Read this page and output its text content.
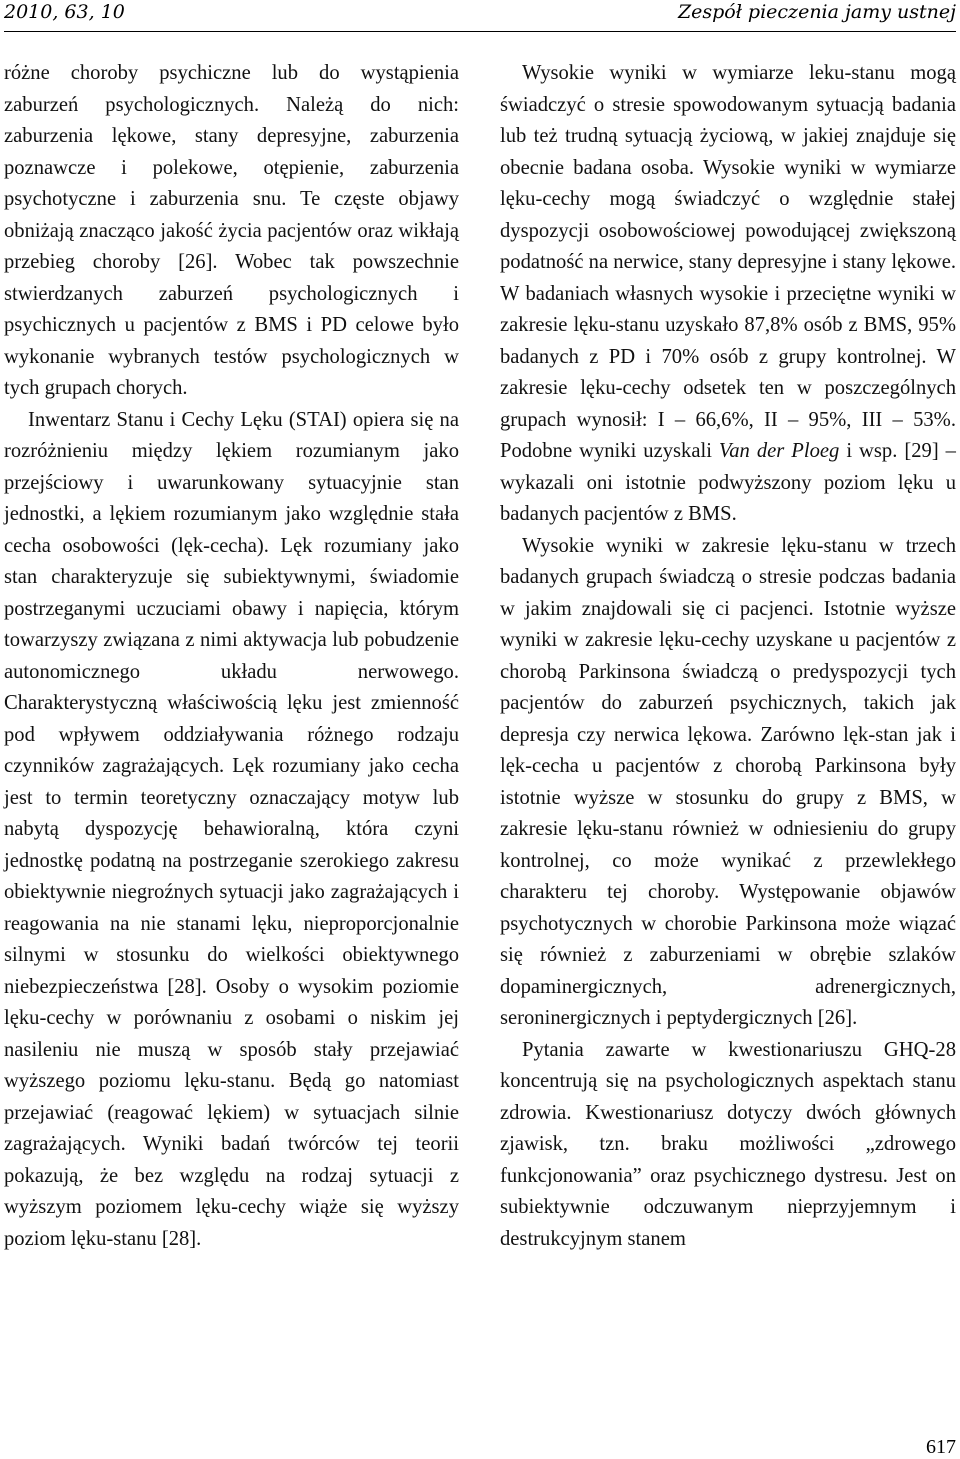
2010, 63, 10	Zespół pieczenia jamy ustnej

różne choroby psychiczne lub do wystąpienia zaburzeń psychologicznych. Należą do nich: zaburzenia lękowe, stany depresyjne, zaburzenia poznawcze i polekowe, otępienie, zaburzenia psychotyczne i zaburzenia snu. Te częste objawy obniżają znacząco jakość życia pacjentów oraz wikłają przebieg choroby [26]. Wobec tak powszechnie stwierdzanych zaburzeń psychologicznych i psychicznych u pacjentów z BMS i PD celowe było wykonanie wybranych testów psychologicznych w tych grupach chorych.

Inwentarz Stanu i Cechy Lęku (STAI) opiera się na rozróżnieniu między lękiem rozumianym jako przejściowy i uwarunkowany sytuacyjnie stan jednostki, a lękiem rozumianym jako względnie stała cecha osobowości (lęk-cecha). Lęk rozumiany jako stan charakteryzuje się subiektywnymi, świadomie postrzeganymi uczuciami obawy i napięcia, którym towarzyszy związana z nimi aktywacja lub pobudzenie autonomicznego układu nerwowego. Charakterystyczną właściwością lęku jest zmienność pod wpływem oddziaływania różnego rodzaju czynników zagrażających. Lęk rozumiany jako cecha jest to termin teoretyczny oznaczający motyw lub nabytą dyspozycję behawioralną, która czyni jednostkę podatną na postrzeganie szerokiego zakresu obiektywnie niegroźnych sytuacji jako zagrażających i reagowania na nie stanami lęku, nieproporcjonalnie silnymi w stosunku do wielkości obiektywnego niebezpieczeństwa [28]. Osoby o wysokim poziomie lęku-cechy w porównaniu z osobami o niskim jej nasileniu nie muszą w sposób stały przejawiać wyższego poziomu lęku-stanu. Będą go natomiast przejawiać (reagować lękiem) w sytuacjach silnie zagrażających. Wyniki badań twórców tej teorii pokazują, że bez względu na rodzaj sytuacji z wyższym poziomem lęku-cechy wiąże się wyższy poziom lęku-stanu [28].

Wysokie wyniki w wymiarze leku-stanu mogą świadczyć o stresie spowodowanym sytuacją badania lub też trudną sytuacją życiową, w jakiej znajduje się obecnie badana osoba. Wysokie wyniki w wymiarze lęku-cechy mogą świadczyć o względnie stałej dyspozycji osobowościowej powodującej zwiększoną podatność na nerwice, stany depresyjne i stany lękowe. W badaniach własnych wysokie i przeciętne wyniki w zakresie lęku-stanu uzyskało 87,8% osób z BMS, 95% badanych z PD i 70% osób z grupy kontrolnej. W zakresie lęku-cechy odsetek ten w poszczególnych grupach wynosił: I – 66,6%, II – 95%, III – 53%. Podobne wyniki uzyskali Van der Ploeg i wsp. [29] – wykazali oni istotnie podwyższony poziom lęku u badanych pacjentów z BMS.

Wysokie wyniki w zakresie lęku-stanu w trzech badanych grupach świadczą o stresie podczas badania w jakim znajdowali się ci pacjenci. Istotnie wyższe wyniki w zakresie lęku-cechy uzyskane u pacjentów z chorobą Parkinsona świadczą o predyspozycji tych pacjentów do zaburzeń psychicznych, takich jak depresja czy nerwica lękowa. Zarówno lęk-stan jak i lęk-cecha u pacjentów z chorobą Parkinsona były istotnie wyższe w stosunku do grupy z BMS, w zakresie lęku-stanu również w odniesieniu do grupy kontrolnej, co może wynikać z przewlekłego charakteru tej choroby. Występowanie objawów psychotycznych w chorobie Parkinsona może wiązać się również z zaburzeniami w obrębie szlaków dopaminergicznych, adrenergicznych, seroninergicznych i peptydergicznych [26].

Pytania zawarte w kwestionariuszu GHQ-28 koncentrują się na psychologicznych aspektach stanu zdrowia. Kwestionariusz dotyczy dwóch głównych zjawisk, tzn. braku możliwości „zdrowego funkcjonowania” oraz psychicznego dystresu. Jest on subiektywnie odczuwanym nieprzyjemnym i destrukcyjnym stanem

617
